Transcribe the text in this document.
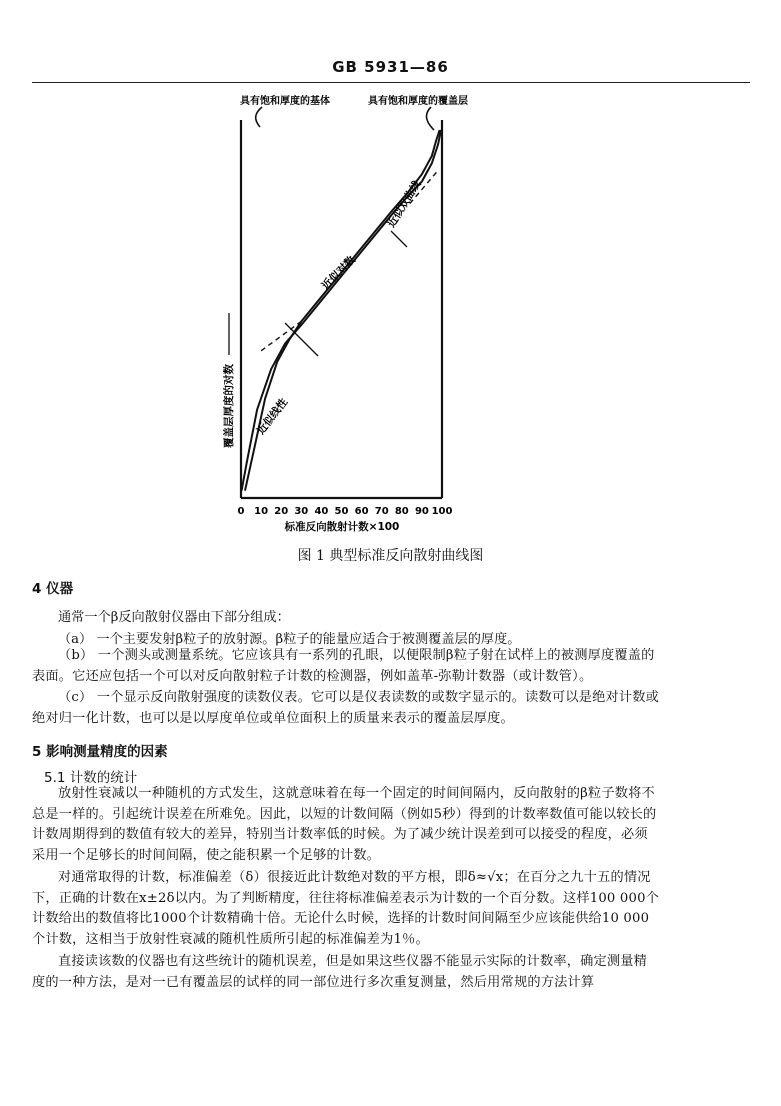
GB 5931—86
具有饱和厚度的基体	具有饱和厚度的覆盖层
覆盖层厚度的对数
0 10 20 30 40 50 60 70 80 90 100
近似线性
近似对数
近似双曲线
标准反向散射计数×100
图 1 典型标准反向散射曲线图
4 仪器
通常一个β反向散射仪器由下部分组成：
（a） 一个主要发射β粒子的放射源。β粒子的能量应适合于被测覆盖层的厚度。
（b） 一个测头或测量系统。它应该具有一系列的孔眼，以便限制β粒子射在试样上的被测厚度覆盖的表面。它还应包括一个可以对反向散射粒子计数的检测器，例如盖革-弥勒计数器（或计数管）。
（c） 一个显示反向散射强度的读数仪表。它可以是仪表读数的或数字显示的。读数可以是绝对计数或绝对归一化计数，也可以是以厚度单位或单位面积上的质量来表示的覆盖层厚度。
5 影响测量精度的因素
5.1 计数的统计
放射性衰减以一种随机的方式发生，这就意味着在每一个固定的时间间隔内，反向散射的β粒子数将不总是一样的。引起统计误差在所难免。因此，以短的计数间隔（例如5秒）得到的计数率数值可能以较长的计数周期得到的数值有较大的差异，特别当计数率低的时候。为了减少统计误差到可以接受的程度，必须采用一个足够长的时间间隔，使之能积累一个足够的计数。
对通常取得的计数，标准偏差（δ）很接近此计数绝对数的平方根，即δ≈√x；在百分之九十五的情况下，正确的计数在x±2δ以内。为了判断精度，往往将标准偏差表示为计数的一个百分数。这样100 000个计数给出的数值将比1000个计数精确十倍。无论什么时候，选择的计数时间间隔至少应该能供给10 000个计数，这相当于放射性衰减的随机性质所引起的标准偏差为1％。
直接读该数的仪器也有这些统计的随机误差，但是如果这些仪器不能显示实际的计数率，确定测量精度的一种方法，是对一已有覆盖层的试样的同一部位进行多次重复测量，然后用常规的方法计算
